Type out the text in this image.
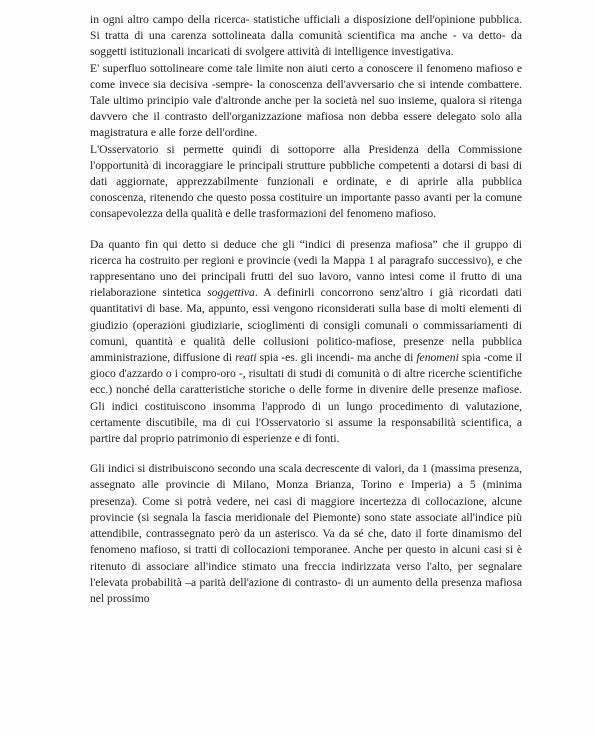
in ogni altro campo della ricerca- statistiche ufficiali a disposizione dell'opinione pubblica. Si tratta di una carenza sottolineata dalla comunità scientifica ma anche - va detto- da soggetti istituzionali incaricati di svolgere attività di intelligence investigativa.

E' superfluo sottolineare come tale limite non aiuti certo a conoscere il fenomeno mafioso e come invece sia decisiva -sempre- la conoscenza dell'avversario che si intende combattere. Tale ultimo principio vale d'altronde anche per la società nel suo insieme, qualora si ritenga davvero che il contrasto dell'organizzazione mafiosa non debba essere delegato solo alla magistratura e alle forze dell'ordine.

L'Osservatorio si permette quindi di sottoporre alla Presidenza della Commissione l'opportunità di incoraggiare le principali strutture pubbliche competenti a dotarsi di basi di dati aggiornate, apprezzabilmente funzionali e ordinate, e di aprirle alla pubblica conoscenza, ritenendo che questo possa costituire un importante passo avanti per la comune consapevolezza della qualità e delle trasformazioni del fenomeno mafioso.

Da quanto fin qui detto si deduce che gli “indici di presenza mafiosa” che il gruppo di ricerca ha costruito per regioni e provincie (vedi la Mappa 1 al paragrafo successivo), e che rappresentano uno dei principali frutti del suo lavoro, vanno intesi come il frutto di una rielaborazione sintetica soggettiva. A definirli concorrono senz'altro i già ricordati dati quantitativi di base. Ma, appunto, essi vengono riconsiderati sulla base di molti elementi di giudizio (operazioni giudiziarie, scioglimenti di consigli comunali o commissariamenti di comuni, quantità e qualità delle collusioni politico-mafiose, presenze nella pubblica amministrazione, diffusione di reati spia -es. gli incendi- ma anche di fenomeni spia -come il gioco d'azzardo o i compro-oro -, risultati di studi di comunità o di altre ricerche scientifiche ecc.) nonché della caratteristiche storiche o delle forme in divenire delle presenze mafiose. Gli indici costituiscono insomma l'approdo di un lungo procedimento di valutazione, certamente discutibile, ma di cui l'Osservatorio si assume la responsabilità scientifica, a partire dal proprio patrimonio di esperienze e di fonti.

Gli indici si distribuiscono secondo una scala decrescente di valori, da 1 (massima presenza, assegnato alle provincie di Milano, Monza Brianza, Torino e Imperia) a 5 (minima presenza). Come si potrà vedere, nei casi di maggiore incertezza di collocazione, alcune provincie (si segnala la fascia meridionale del Piemonte) sono state associate all'indice più attendibile, contrassegnato però da un asterisco. Va da sé che, dato il forte dinamismo del fenomeno mafioso, si tratti di collocazioni temporanee. Anche per questo in alcuni casi si è ritenuto di associare all'indice stimato una freccia indirizzata verso l'alto, per segnalare l'elevata probabilità –a parità dell'azione di contrasto- di un aumento della presenza mafiosa nel prossimo
